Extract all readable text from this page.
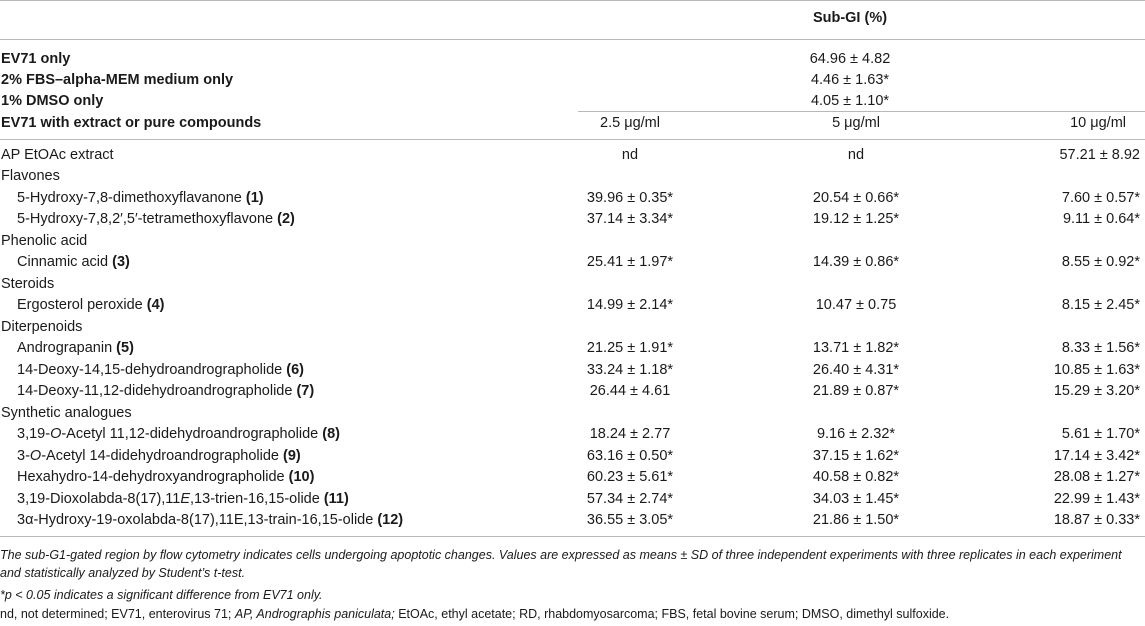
Sub-GI (%)
EV71 only	64.96 ± 4.82
2% FBS–alpha-MEM medium only	4.46 ± 1.63*
1% DMSO only	4.05 ± 1.10*
EV71 with extract or pure compounds	2.5 μg/ml	5 μg/ml	10 μg/ml
AP EtOAc extract	nd	nd	57.21 ± 8.92
Flavones
5-Hydroxy-7,8-dimethoxyflavanone (1)	39.96 ± 0.35*	20.54 ± 0.66*	7.60 ± 0.57*
5-Hydroxy-7,8,2′,5′-tetramethoxyflavone (2)	37.14 ± 3.34*	19.12 ± 1.25*	9.11 ± 0.64*
Phenolic acid
Cinnamic acid (3)	25.41 ± 1.97*	14.39 ± 0.86*	8.55 ± 0.92*
Steroids
Ergosterol peroxide (4)	14.99 ± 2.14*	10.47 ± 0.75	8.15 ± 2.45*
Diterpenoids
Andrograpanin (5)	21.25 ± 1.91*	13.71 ± 1.82*	8.33 ± 1.56*
14-Deoxy-14,15-dehydroandrographolide (6)	33.24 ± 1.18*	26.40 ± 4.31*	10.85 ± 1.63*
14-Deoxy-11,12-didehydroandrographolide (7)	26.44 ± 4.61	21.89 ± 0.87*	15.29 ± 3.20*
Synthetic analogues
3,19-O-Acetyl 11,12-didehydroandrographolide (8)	18.24 ± 2.77	9.16 ± 2.32*	5.61 ± 1.70*
3-O-Acetyl 14-didehydroandrographolide (9)	63.16 ± 0.50*	37.15 ± 1.62*	17.14 ± 3.42*
Hexahydro-14-dehydroxyandrographolide (10)	60.23 ± 5.61*	40.58 ± 0.82*	28.08 ± 1.27*
3,19-Dioxolabda-8(17),11E,13-trien-16,15-olide (11)	57.34 ± 2.74*	34.03 ± 1.45*	22.99 ± 1.43*
3α-Hydroxy-19-oxolabda-8(17),11E,13-train-16,15-olide (12)	36.55 ± 3.05*	21.86 ± 1.50*	18.87 ± 0.33*
The sub-G1-gated region by flow cytometry indicates cells undergoing apoptotic changes. Values are expressed as means ± SD of three independent experiments with three replicates in each experiment and statistically analyzed by Student’s t-test.
*p < 0.05 indicates a significant difference from EV71 only.
nd, not determined; EV71, enterovirus 71; AP, Andrographis paniculata; EtOAc, ethyl acetate; RD, rhabdomyosarcoma; FBS, fetal bovine serum; DMSO, dimethyl sulfoxide.
